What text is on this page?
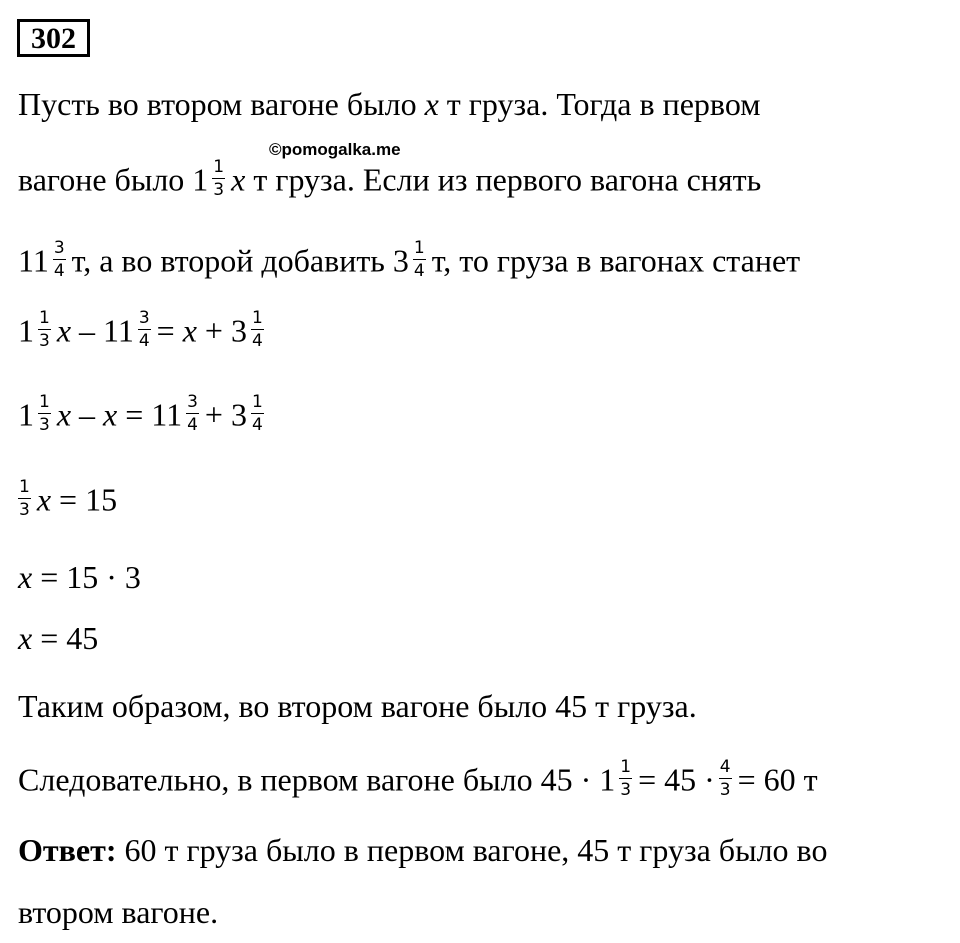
302
Пусть во втором вагоне было x т груза. Тогда в первом
©pomogalka.me
вагоне было $1 \frac{1}{3}$ x т груза. Если из первого вагона снять
$11 \frac{3}{4} т$, а во второй добавить $3 \frac{1}{4} т$, то груза в вагонах станет
$1 \frac{1}{3}$ $x - 11 \frac{3}{4} = x + 3 \frac{1}{4}$
$1 \frac{1}{3}$ $x - x = 11 \frac{3}{4} + 3 \frac{1}{4}$
$\frac{1}{3}$ x = 15
x = 15 · 3
x = 45
Таким образом, во втором вагоне было 45 т груза.
Следовательно, в первом вагоне было $45 \cdot 1 \frac{1}{3} = 45 \cdot \frac{4}{3} = 60$ т
Ответ: 60 т груза было в первом вагоне, 45 т груза было во
втором вагоне.
